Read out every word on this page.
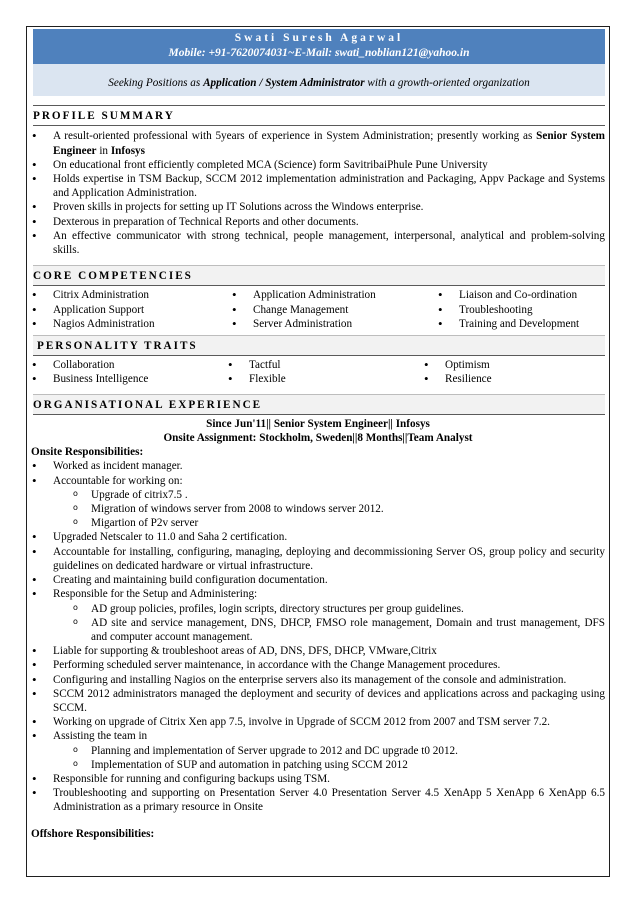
Swati Suresh Agarwal
Mobile: +91-7620074031~E-Mail: swati_noblian121@yahoo.in
Seeking Positions as Application / System Administrator with a growth-oriented organization
PROFILE SUMMARY
• A result-oriented professional with 5years of experience in System Administration; presently working as Senior System Engineer in Infosys
• On educational front efficiently completed MCA (Science) form SavitribaiPhule Pune University
• Holds expertise in TSM Backup, SCCM 2012 implementation administration and Packaging, Appv Package and Systems and Application Administration.
• Proven skills in projects for setting up IT Solutions across the Windows enterprise.
• Dexterous in preparation of Technical Reports and other documents.
• An effective communicator with strong technical, people management, interpersonal, analytical and problem-solving skills.
CORE COMPETENCIES
• Citrix Administration
• Application Support
• Nagios Administration
• Application Administration
• Change Management
• Server Administration
• Liaison and Co-ordination
• Troubleshooting
• Training and Development
PERSONALITY TRAITS
• Collaboration
• Business Intelligence
• Tactful
• Flexible
• Optimism
• Resilience
ORGANISATIONAL EXPERIENCE
Since Jun'11|| Senior System Engineer|| Infosys
Onsite Assignment: Stockholm, Sweden||8 Months||Team Analyst
Onsite Responsibilities:
• Worked as incident manager.
• Accountable for working on:
o Upgrade of citrix7.5 .
o Migration of windows server from 2008 to windows server 2012.
o Migartion of P2v server
• Upgraded Netscaler to 11.0 and Saha 2 certification.
• Accountable for installing, configuring, managing, deploying and decommissioning Server OS, group policy and security guidelines on dedicated hardware or virtual infrastructure.
• Creating and maintaining build configuration documentation.
• Responsible for the Setup and Administering:
o AD group policies, profiles, login scripts, directory structures per group guidelines.
o AD site and service management, DNS, DHCP, FMSO role management, Domain and trust management, DFS and computer account management.
• Liable for supporting & troubleshoot areas of AD, DNS, DFS, DHCP, VMware,Citrix
• Performing scheduled server maintenance, in accordance with the Change Management procedures.
• Configuring and installing Nagios on the enterprise servers also its management of the console and administration.
• SCCM 2012 administrators managed the deployment and security of devices and applications across and packaging using SCCM.
• Working on upgrade of Citrix Xen app 7.5, involve in Upgrade of SCCM 2012 from 2007 and TSM server 7.2.
• Assisting the team in
o Planning and implementation of Server upgrade to 2012 and DC upgrade t0 2012.
o Implementation of SUP and automation in patching using SCCM 2012
• Responsible for running and configuring backups using TSM.
• Troubleshooting and supporting on Presentation Server 4.0 Presentation Server 4.5 XenApp 5 XenApp 6 XenApp 6.5 Administration as a primary resource in Onsite
Offshore Responsibilities:
